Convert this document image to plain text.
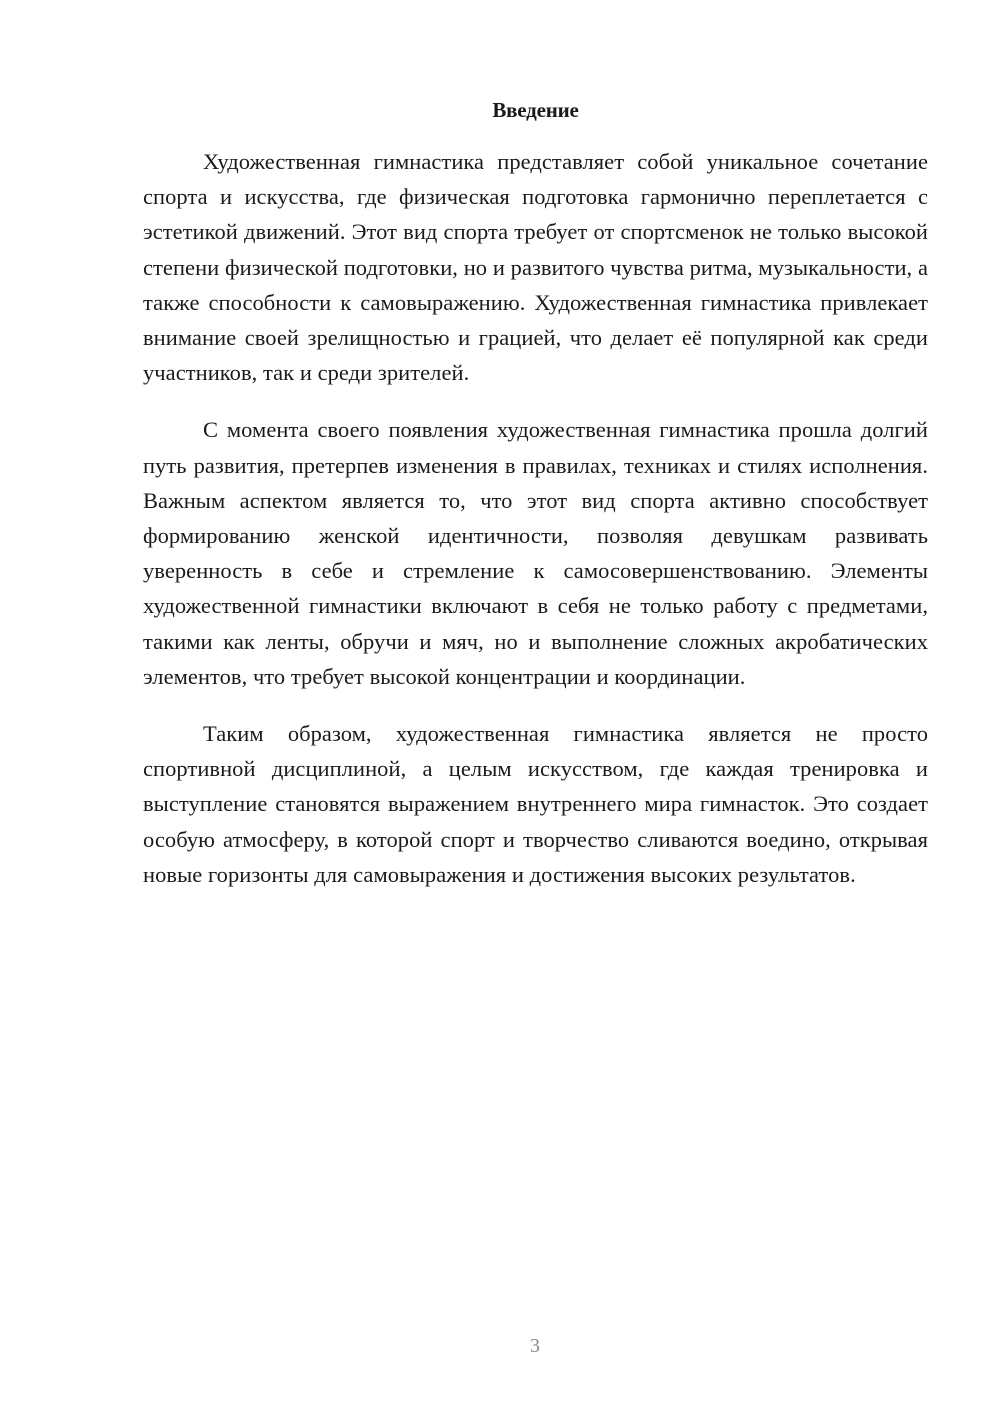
Введение

Художественная гимнастика представляет собой уникальное сочетание спорта и искусства, где физическая подготовка гармонично переплетается с эстетикой движений. Этот вид спорта требует от спортсменок не только высокой степени физической подготовки, но и развитого чувства ритма, музыкальности, а также способности к самовыражению. Художественная гимнастика привлекает внимание своей зрелищностью и грацией, что делает её популярной как среди участников, так и среди зрителей.

С момента своего появления художественная гимнастика прошла долгий путь развития, претерпев изменения в правилах, техниках и стилях исполнения. Важным аспектом является то, что этот вид спорта активно способствует формированию женской идентичности, позволяя девушкам развивать уверенность в себе и стремление к самосовершенствованию. Элементы художественной гимнастики включают в себя не только работу с предметами, такими как ленты, обручи и мяч, но и выполнение сложных акробатических элементов, что требует высокой концентрации и координации.

Таким образом, художественная гимнастика является не просто спортивной дисциплиной, а целым искусством, где каждая тренировка и выступление становятся выражением внутреннего мира гимнасток. Это создает особую атмосферу, в которой спорт и творчество сливаются воедино, открывая новые горизонты для самовыражения и достижения высоких результатов.

3
